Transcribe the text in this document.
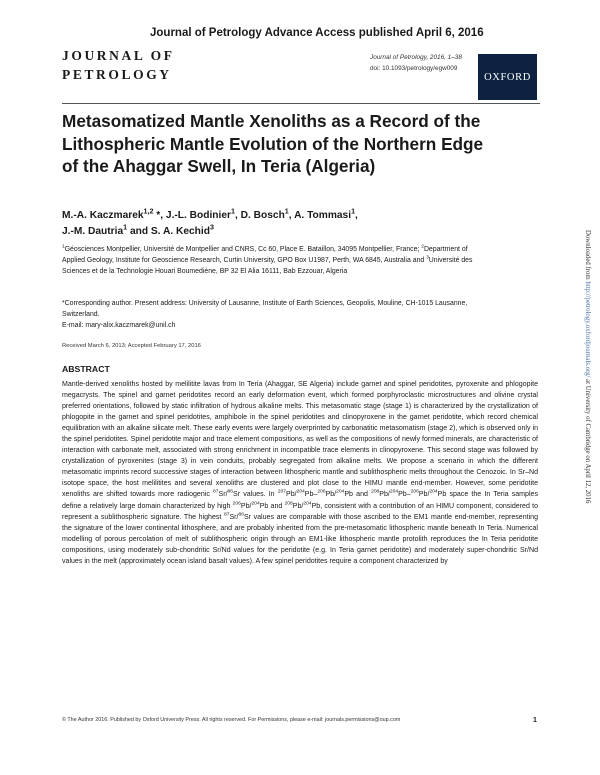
Journal of Petrology Advance Access published April 6, 2016
JOURNAL OF
PETROLOGY
Journal of Petrology, 2016, 1–38
doi: 10.1093/petrology/egw009
OXFORD
Metasomatized Mantle Xenoliths as a Record of the Lithospheric Mantle Evolution of the Northern Edge of the Ahaggar Swell, In Teria (Algeria)
M.-A. Kaczmarek$^{1,2}$ *, J.-L. Bodinier$^1$, D. Bosch$^1$, A. Tommasi$^1$,
J.-M. Dautria$^1$ and S. A. Kechid$^3$
$^1$Géosciences Montpellier, Université de Montpellier and CNRS, Cc 60, Place E. Bataillon, 34095 Montpellier, France; $^2$Department of Applied Geology, Institute for Geoscience Research, Curtin University, GPO Box U1987, Perth, WA 6845, Australia and $^3$Université des Sciences et de la Technologie Houari Boumediène, BP 32 El Alia 16111, Bab Ezzouar, Algeria
*Corresponding author. Present address: University of Lausanne, Institute of Earth Sciences, Geopolis, Mouline, CH-1015 Lausanne, Switzerland.
E-mail: mary-alix.kaczmarek@unil.ch
Received March 6, 2013; Accepted February 17, 2016
ABSTRACT
Mantle-derived xenoliths hosted by melilitite lavas from In Teria (Ahaggar, SE Algeria) include garnet and spinel peridotites, pyroxenite and phlogopite megacrysts. The spinel and garnet peridotites record an early deformation event, which formed porphyroclastic microstructures and olivine crystal preferred orientations, followed by static infiltration of hydrous alkaline melts. This metasomatic stage (stage 1) is characterized by the crystallization of phlogopite in the garnet and spinel peridotites, amphibole in the spinel peridotites and clinopyroxene in the garnet peridotite, which record chemical equilibration with an alkaline silicate melt. These early events were largely overprinted by carbonatitic metasomatism (stage 2), which is observed only in the spinel peridotites. Spinel peridotite major and trace element compositions, as well as the compositions of newly formed minerals, are characteristic of interaction with carbonate melt, associated with strong enrichment in incompatible trace elements in clinopyroxene. This second stage was followed by crystallization of pyroxenites (stage 3) in vein conduits, probably segregated from alkaline melts. We propose a scenario in which the different metasomatic imprints record successive stages of interaction between lithospheric mantle and sublithospheric melts throughout the Cenozoic. In Sr–Nd isotope space, the host melilitites and several xenoliths are clustered and plot close to the HIMU mantle end-member. However, some peridotite xenoliths are shifted towards more radiogenic $^{87}$Sr/$^{86}$Sr values. In $^{207}$Pb/$^{204}$Pb–$^{206}$Pb/$^{204}$Pb and $^{208}$Pb/$^{204}$Pb–$^{206}$Pb/$^{204}$Pb space the In Teria samples define a relatively large domain characterized by high $^{206}$Pb/$^{204}$Pb and $^{208}$Pb/$^{204}$Pb, consistent with a contribution of an HIMU component, considered to represent a sublithospheric signature. The highest $^{87}$Sr/$^{86}$Sr values are comparable with those ascribed to the EM1 mantle end-member, representing the signature of the lower continental lithosphere, and are probably inherited from the pre-metasomatic lithospheric mantle beneath In Teria. Numerical modelling of porous percolation of melt of sublithospheric origin through an EM1-like lithospheric mantle protolith reproduces the In Teria peridotite compositions, using moderately sub-chondritic Sr/Nd values for the peridotite (e.g. In Teria garnet peridotite) and moderately super-chondritic Sr/Nd values in the melt (approximately ocean island basalt values). A few spinel peridotites require a component characterized by
© The Author 2016. Published by Oxford University Press. All rights reserved. For Permissions, please e-mail: journals.permissions@oup.com	1
Downloaded from http://petrology.oxfordjournals.org/ at University of Cambridge on April 12, 2016
